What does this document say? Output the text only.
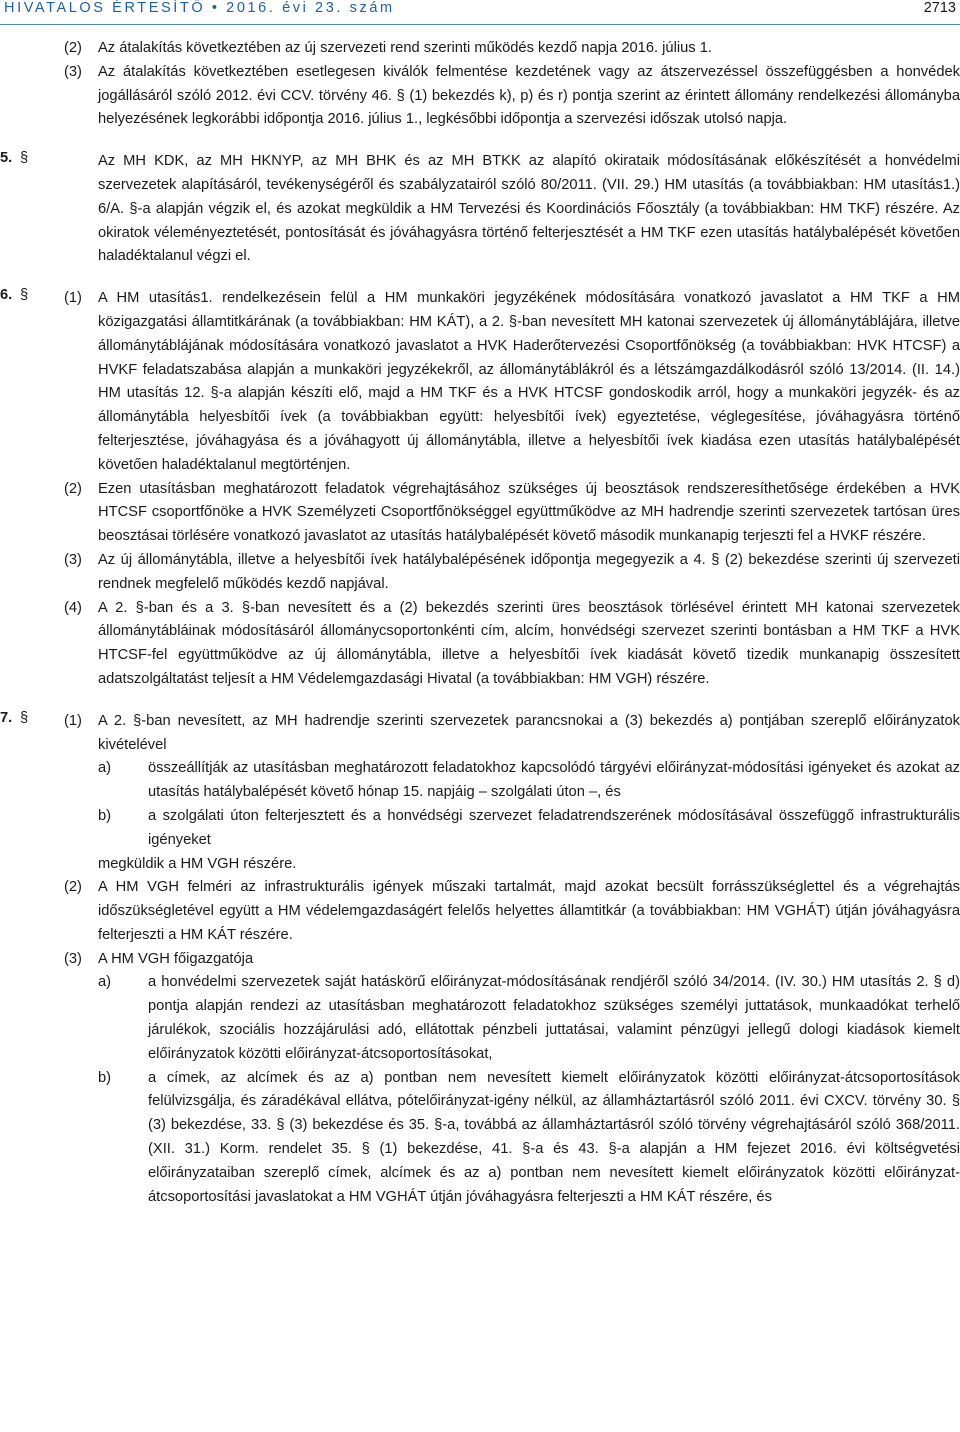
HIVATALOS ÉRTESÍTŐ • 2016. évi 23. szám	2713

(2) Az átalakítás következtében az új szervezeti rend szerinti működés kezdő napja 2016. július 1.

(3) Az átalakítás következtében esetlegesen kiválók felmentése kezdetének vagy az átszervezéssel összefüggésben a honvédek jogállásáról szóló 2012. évi CCV. törvény 46. § (1) bekezdés k), p) és r) pontja szerint az érintett állomány rendelkezési állományba helyezésének legkorábbi időpontja 2016. július 1., legkésőbbi időpontja a szervezési időszak utolsó napja.

5. §	Az MH KDK, az MH HKNYP, az MH BHK és az MH BTKK az alapító okirataik módosításának előkészítését a honvédelmi szervezetek alapításáról, tevékenységéről és szabályzatairól szóló 80/2011. (VII. 29.) HM utasítás (a továbbiakban: HM utasítás1.) 6/A. §-a alapján végzik el, és azokat megküldik a HM Tervezési és Koordinációs Főosztály (a továbbiakban: HM TKF) részére. Az okiratok véleményeztetését, pontosítását és jóváhagyásra történő felterjesztését a HM TKF ezen utasítás hatálybalépését követően haladéktalanul végzi el.

6. § (1) A HM utasítás1. rendelkezésein felül a HM munkaköri jegyzékének módosítására vonatkozó javaslatot a HM TKF a HM közigazgatási államtitkárának (a továbbiakban: HM KÁT), a 2. §-ban nevesített MH katonai szervezetek új állománytáblájára, illetve állománytáblájának módosítására vonatkozó javaslatot a HVK Haderőtervezési Csoportfőnökség (a továbbiakban: HVK HTCSF) a HVKF feladatszabása alapján a munkaköri jegyzékekről, az állománytáblákról és a létszámgazdálkodásról szóló 13/2014. (II. 14.) HM utasítás 12. §-a alapján készíti elő, majd a HM TKF és a HVK HTCSF gondoskodik arról, hogy a munkaköri jegyzék- és az állománytábla helyesbítői ívek (a továbbiakban együtt: helyesbítői ívek) egyeztetése, véglegesítése, jóváhagyásra történő felterjesztése, jóváhagyása és a jóváhagyott új állománytábla, illetve a helyesbítői ívek kiadása ezen utasítás hatálybalépését követően haladéktalanul megtörténjen.

(2) Ezen utasításban meghatározott feladatok végrehajtásához szükséges új beosztások rendszeresíthetősége érdekében a HVK HTCSF csoportfőnöke a HVK Személyzeti Csoportfőnökséggel együttműködve az MH hadrendje szerinti szervezetek tartósan üres beosztásai törlésére vonatkozó javaslatot az utasítás hatálybalépését követő második munkanapig terjeszti fel a HVKF részére.

(3) Az új állománytábla, illetve a helyesbítői ívek hatálybalépésének időpontja megegyezik a 4. § (2) bekezdése szerinti új szervezeti rendnek megfelelő működés kezdő napjával.

(4) A 2. §-ban és a 3. §-ban nevesített és a (2) bekezdés szerinti üres beosztások törlésével érintett MH katonai szervezetek állománytábláinak módosításáról állománycsoportonkénti cím, alcím, honvédségi szervezet szerinti bontásban a HM TKF a HVK HTCSF-fel együttműködve az új állománytábla, illetve a helyesbítői ívek kiadását követő tizedik munkanapig összesített adatszolgáltatást teljesít a HM Védelemgazdasági Hivatal (a továbbiakban: HM VGH) részére.

7. § (1) A 2. §-ban nevesített, az MH hadrendje szerinti szervezetek parancsnokai a (3) bekezdés a) pontjában szereplő előirányzatok kivételével

a)	összeállítják az utasításban meghatározott feladatokhoz kapcsolódó tárgyévi előirányzat-módosítási igényeket és azokat az utasítás hatálybalépését követő hónap 15. napjáig – szolgálati úton –, és

b)	a szolgálati úton felterjesztett és a honvédségi szervezet feladatrendszerének módosításával összefüggő infrastrukturális igényeket

megküldik a HM VGH részére.

(2) A HM VGH felméri az infrastrukturális igények műszaki tartalmát, majd azokat becsült forrásszükséglettel és a végrehajtás időszükségletével együtt a HM védelemgazdaságért felelős helyettes államtitkár (a továbbiakban: HM VGHÁT) útján jóváhagyásra felterjeszti a HM KÁT részére.

(3) A HM VGH főigazgatója

a)	a honvédelmi szervezetek saját hatáskörű előirányzat-módosításának rendjéről szóló 34/2014. (IV. 30.) HM utasítás 2. § d) pontja alapján rendezi az utasításban meghatározott feladatokhoz szükséges személyi juttatások, munkaadókat terhelő járulékok, szociális hozzájárulási adó, ellátottak pénzbeli juttatásai, valamint pénzügyi jellegű dologi kiadások kiemelt előirányzatok közötti előirányzat-átcsoportosításokat,

b)	a címek, az alcímek és az a) pontban nem nevesített kiemelt előirányzatok közötti előirányzat-átcsoportosítások felülvizsgálja, és záradékával ellátva, pótelőirányzat-igény nélkül, az államháztartásról szóló 2011. évi CXCV. törvény 30. § (3) bekezdése, 33. § (3) bekezdése és 35. §-a, továbbá az államháztartásról szóló törvény végrehajtásáról szóló 368/2011. (XII. 31.) Korm. rendelet 35. § (1) bekezdése, 41. §-a és 43. §-a alapján a HM fejezet 2016. évi költségvetési előirányzataiban szereplő címek, alcímek és az a) pontban nem nevesített kiemelt előirányzatok közötti előirányzat-átcsoportosítási javaslatokat a HM VGHÁT útján jóváhagyásra felterjeszti a HM KÁT részére, és
